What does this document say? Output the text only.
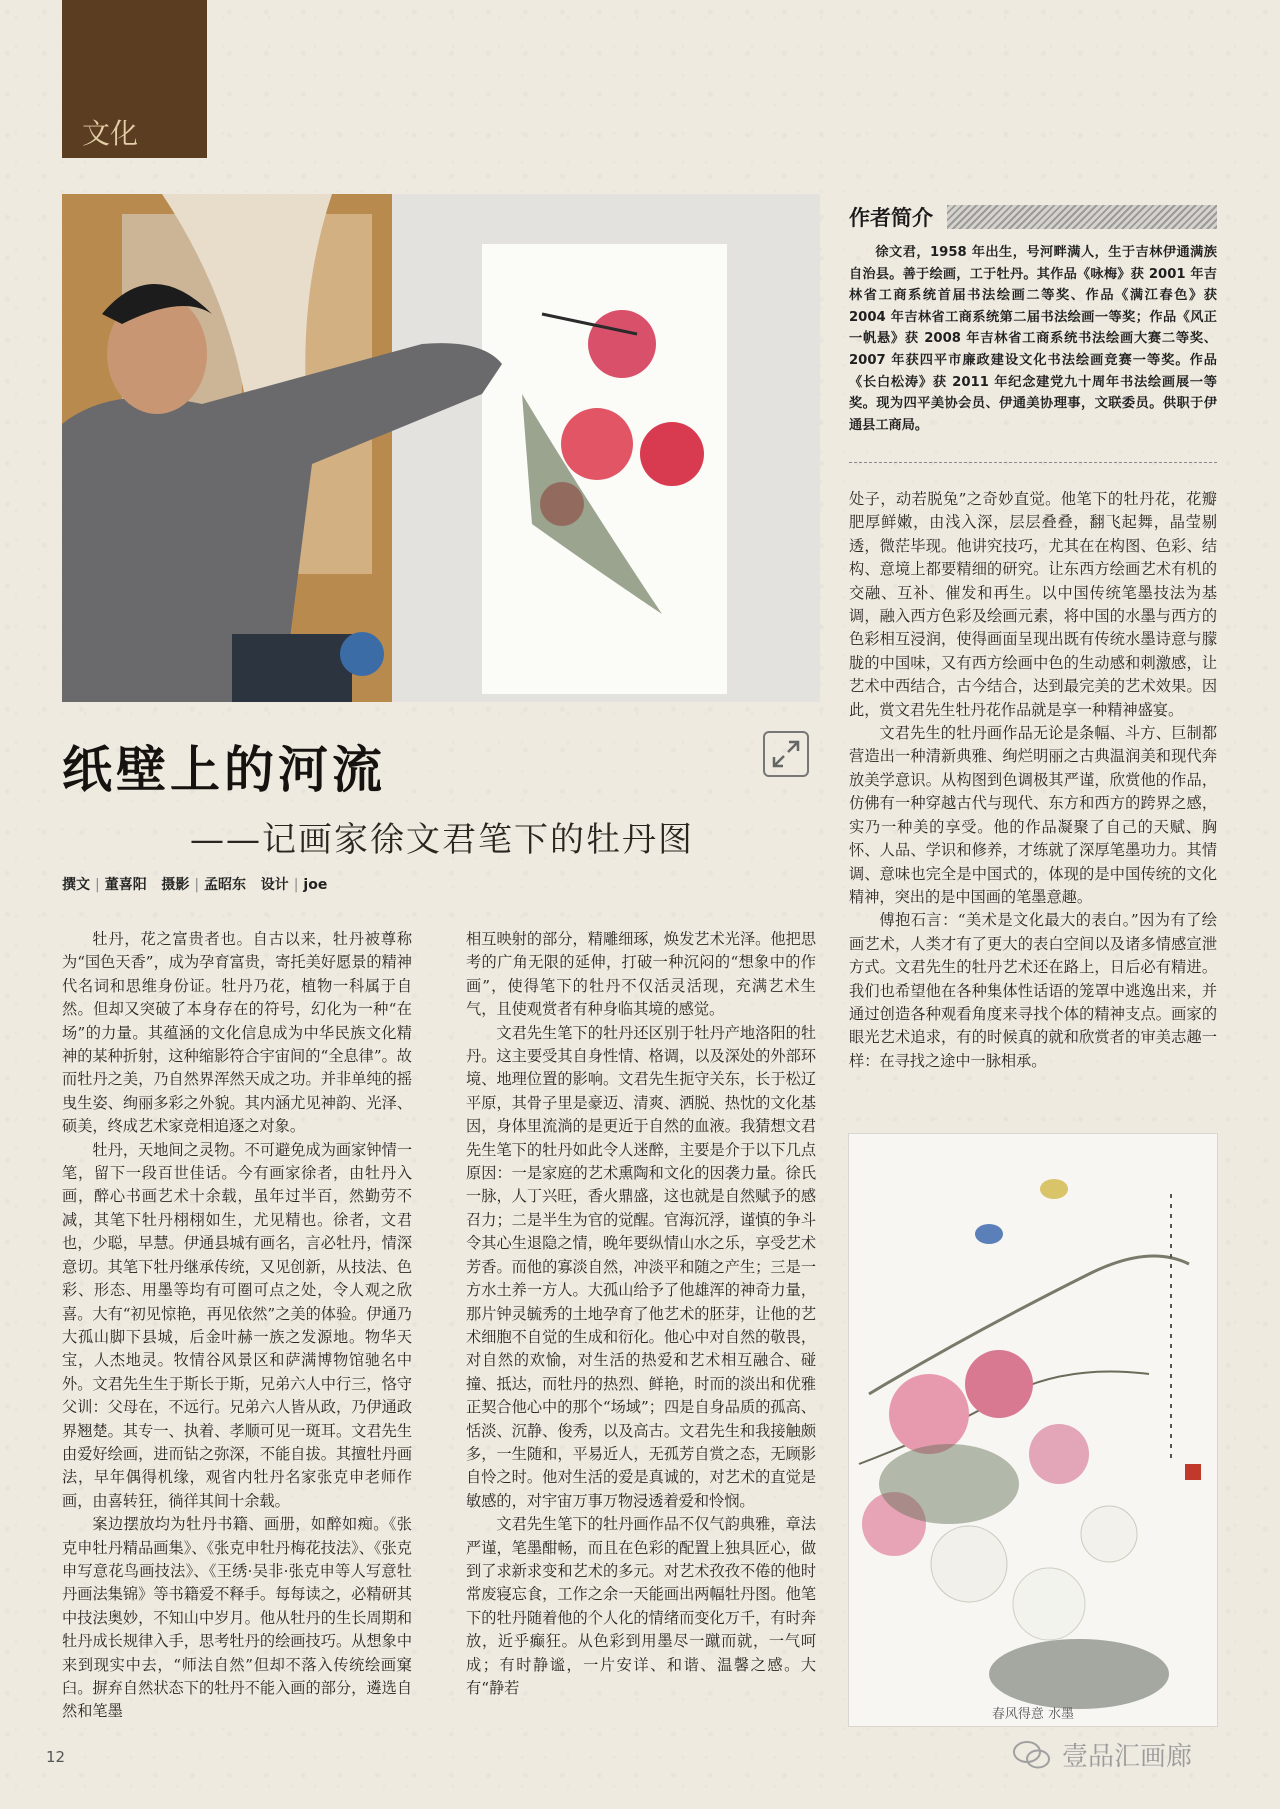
文化
纸壁上的河流
——记画家徐文君笔下的牡丹图
撰文 | 董喜阳 摄影 | 孟昭东 设计 | joe

牡丹，花之富贵者也。自古以来，牡丹被尊称为“国色天香”，成为孕育富贵，寄托美好愿景的精神代名词和思维身份证。牡丹乃花，植物一科属于自然。但却又突破了本身存在的符号，幻化为一种“在场”的力量。其蕴涵的文化信息成为中华民族文化精神的某种折射，这种缩影符合宇宙间的“全息律”。故而牡丹之美，乃自然界浑然天成之功。并非单纯的摇曳生姿、绚丽多彩之外貌。其内涵尤见神韵、光泽、硕美，终成艺术家竞相追逐之对象。

牡丹，天地间之灵物。不可避免成为画家钟情一笔，留下一段百世佳话。今有画家徐者，由牡丹入画，醉心书画艺术十余载，虽年过半百，然勤劳不减，其笔下牡丹栩栩如生，尤见精也。徐者，文君也，少聪，早慧。伊通县城有画名，言必牡丹，情深意切。其笔下牡丹继承传统，又见创新，从技法、色彩、形态、用墨等均有可圈可点之处，令人观之欣喜。大有“初见惊艳，再见依然”之美的体验。伊通乃大孤山脚下县城，后金叶赫一族之发源地。物华天宝，人杰地灵。牧情谷风景区和萨满博物馆驰名中外。文君先生生于斯长于斯，兄弟六人中行三，恪守父训：父母在，不远行。兄弟六人皆从政，乃伊通政界翘楚。其专一、执着、孝顺可见一斑耳。文君先生由爱好绘画，进而钻之弥深，不能自拔。其擅牡丹画法，早年偶得机缘，观省内牡丹名家张克申老师作画，由喜转狂，徜徉其间十余载。

案边摆放均为牡丹书籍、画册，如醉如痴。《张克申牡丹精品画集》、《张克申牡丹梅花技法》、《张克申写意花鸟画技法》、《王绣·吴非·张克申等人写意牡丹画法集锦》等书籍爱不释手。每每读之，必精研其中技法奥妙，不知山中岁月。他从牡丹的生长周期和牡丹成长规律入手，思考牡丹的绘画技巧。从想象中来到现实中去，“师法自然”但却不落入传统绘画窠臼。摒弃自然状态下的牡丹不能入画的部分，遴选自然和笔墨

相互映射的部分，精雕细琢，焕发艺术光泽。他把思考的广角无限的延伸，打破一种沉闷的“想象中的作画”，使得笔下的牡丹不仅活灵活现，充满艺术生气，且使观赏者有种身临其境的感觉。

文君先生笔下的牡丹还区别于牡丹产地洛阳的牡丹。这主要受其自身性情、格调，以及深处的外部环境、地理位置的影响。文君先生扼守关东，长于松辽平原，其骨子里是豪迈、清爽、洒脱、热忱的文化基因，身体里流淌的是更近于自然的血液。我猜想文君先生笔下的牡丹如此令人迷醉，主要是介于以下几点原因：一是家庭的艺术熏陶和文化的因袭力量。徐氏一脉，人丁兴旺，香火鼎盛，这也就是自然赋予的感召力；二是半生为官的觉醒。官海沉浮，谨慎的争斗令其心生退隐之情，晚年要纵情山水之乐，享受艺术芳香。而他的寡淡自然，冲淡平和随之产生；三是一方水土养一方人。大孤山给予了他雄浑的神奇力量，那片钟灵毓秀的土地孕育了他艺术的胚芽，让他的艺术细胞不自觉的生成和衍化。他心中对自然的敬畏，对自然的欢愉，对生活的热爱和艺术相互融合、碰撞、抵达，而牡丹的热烈、鲜艳，时而的淡出和优雅正契合他心中的那个“场域”；四是自身品质的孤高、恬淡、沉静、俊秀，以及高古。文君先生和我接触颇多，一生随和，平易近人，无孤芳自赏之态，无顾影自怜之时。他对生活的爱是真诚的，对艺术的直觉是敏感的，对宇宙万事万物浸透着爱和怜悯。

文君先生笔下的牡丹画作品不仅气韵典雅，章法严谨，笔墨酣畅，而且在色彩的配置上独具匠心，做到了求新求变和艺术的多元。对艺术孜孜不倦的他时常废寝忘食，工作之余一天能画出两幅牡丹图。他笔下的牡丹随着他的个人化的情绪而变化万千，有时奔放，近乎癫狂。从色彩到用墨尽一蹴而就，一气呵成；有时静谧，一片安详、和谐、温馨之感。大有“静若

作者简介

徐文君，1958 年出生，号河畔满人，生于吉林伊通满族自治县。善于绘画，工于牡丹。其作品《咏梅》获 2001 年吉林省工商系统首届书法绘画二等奖、作品《满江春色》获 2004 年吉林省工商系统第二届书法绘画一等奖；作品《风正一帆悬》获 2008 年吉林省工商系统书法绘画大赛二等奖、2007 年获四平市廉政建设文化书法绘画竞赛一等奖。作品《长白松涛》获 2011 年纪念建党九十周年书法绘画展一等奖。现为四平美协会员、伊通美协理事，文联委员。供职于伊通县工商局。

处子，动若脱兔”之奇妙直觉。他笔下的牡丹花，花瓣肥厚鲜嫩，由浅入深，层层叠叠，翻飞起舞，晶莹剔透，微茫毕现。他讲究技巧，尤其在在构图、色彩、结构、意境上都要精细的研究。让东西方绘画艺术有机的交融、互补、催发和再生。以中国传统笔墨技法为基调，融入西方色彩及绘画元素，将中国的水墨与西方的色彩相互浸润，使得画面呈现出既有传统水墨诗意与朦胧的中国味，又有西方绘画中色的生动感和刺激感，让艺术中西结合，古今结合，达到最完美的艺术效果。因此，赏文君先生牡丹花作品就是享一种精神盛宴。

文君先生的牡丹画作品无论是条幅、斗方、巨制都营造出一种清新典雅、绚烂明丽之古典温润美和现代奔放美学意识。从构图到色调极其严谨，欣赏他的作品，仿佛有一种穿越古代与现代、东方和西方的跨界之感，实乃一种美的享受。他的作品凝聚了自己的天赋、胸怀、人品、学识和修养，才练就了深厚笔墨功力。其情调、意味也完全是中国式的，体现的是中国传统的文化精神，突出的是中国画的笔墨意趣。

傅抱石言：“美术是文化最大的表白。”因为有了绘画艺术，人类才有了更大的表白空间以及诸多情感宣泄方式。文君先生的牡丹艺术还在路上，日后必有精进。我们也希望他在各种集体性话语的笼罩中逃逸出来，并通过创造各种观看角度来寻找个体的精神支点。画家的眼光艺术追求，有的时候真的就和欣赏者的审美志趣一样：在寻找之途中一脉相承。

春风得意 水墨
12	壹品汇画廊
